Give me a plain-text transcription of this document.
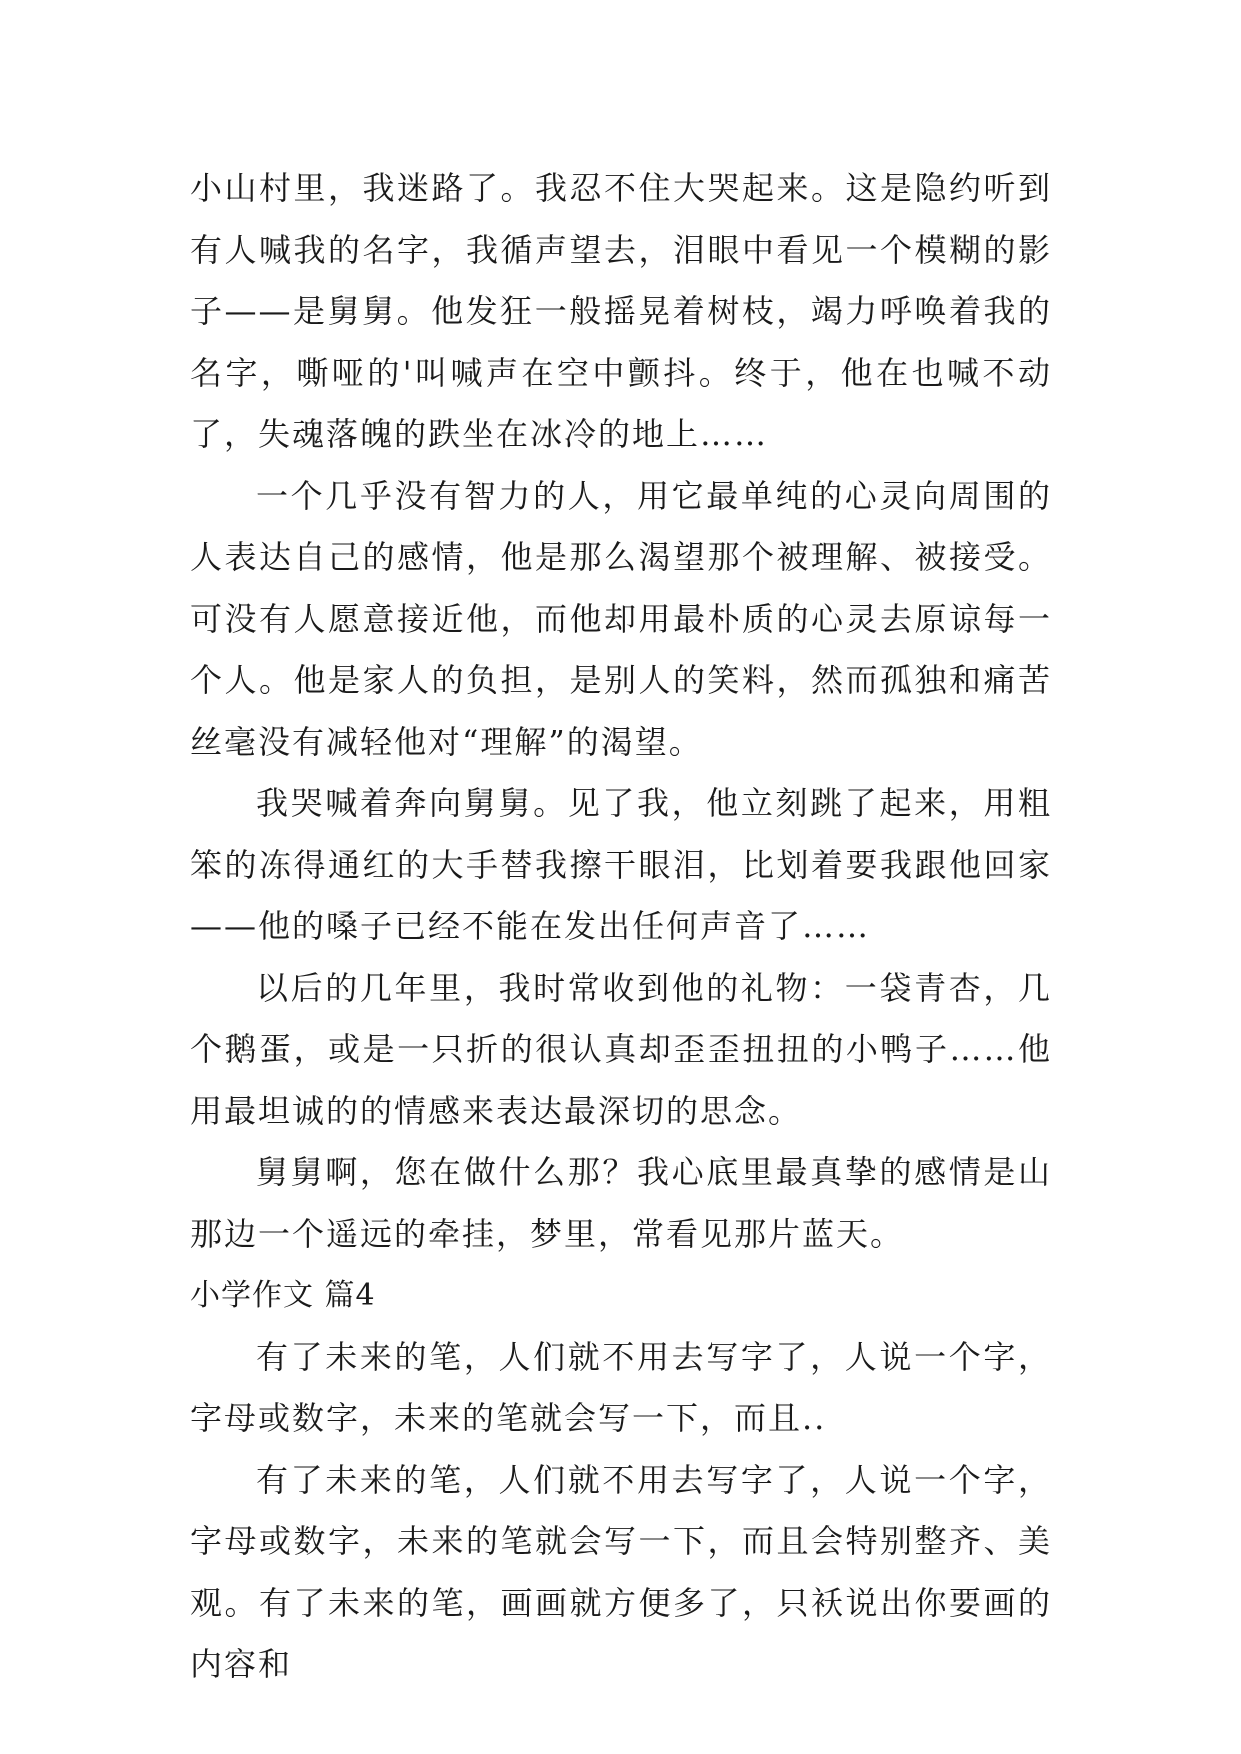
小山村里，我迷路了。我忍不住大哭起来。这是隐约听到有人喊我的名字，我循声望去，泪眼中看见一个模糊的影子——是舅舅。他发狂一般摇晃着树枝，竭力呼唤着我的名字，嘶哑的'叫喊声在空中颤抖。终于，他在也喊不动了，失魂落魄的跌坐在冰冷的地上……

一个几乎没有智力的人，用它最单纯的心灵向周围的人表达自己的感情，他是那么渴望那个被理解、被接受。可没有人愿意接近他，而他却用最朴质的心灵去原谅每一个人。他是家人的负担，是别人的笑料，然而孤独和痛苦丝毫没有减轻他对“理解”的渴望。

我哭喊着奔向舅舅。见了我，他立刻跳了起来，用粗笨的冻得通红的大手替我擦干眼泪，比划着要我跟他回家——他的嗓子已经不能在发出任何声音了……

以后的几年里，我时常收到他的礼物：一袋青杏，几个鹅蛋，或是一只折的很认真却歪歪扭扭的小鸭子……他用最坦诚的的情感来表达最深切的思念。

舅舅啊，您在做什么那？我心底里最真挚的感情是山那边一个遥远的牵挂，梦里，常看见那片蓝天。

小学作文 篇4

有了未来的笔，人们就不用去写字了，人说一个字，字母或数字，未来的笔就会写一下，而且..

有了未来的笔，人们就不用去写字了，人说一个字，字母或数字，未来的笔就会写一下，而且会特别整齐、美观。有了未来的笔，画画就方便多了，只袄说出你要画的内容和
